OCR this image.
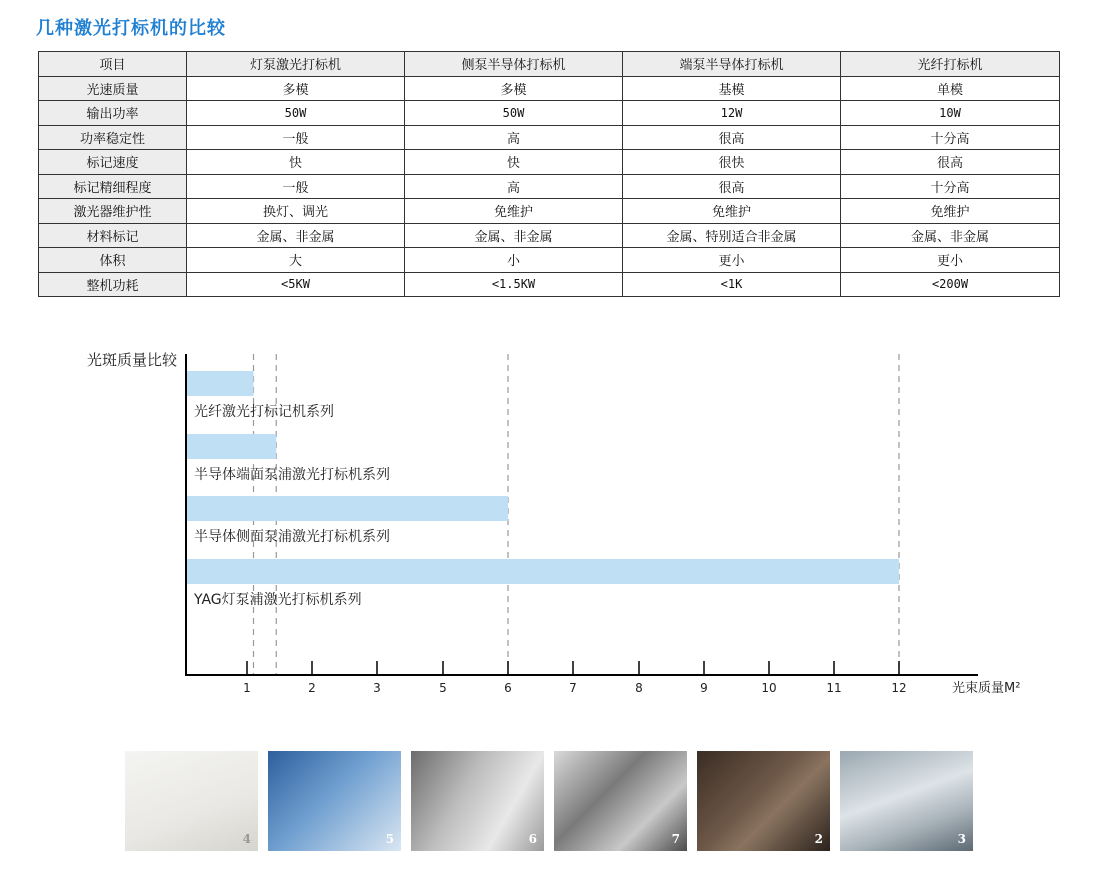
几种激光打标机的比较
项目	灯泵激光打标机	侧泵半导体打标机	端泵半导体打标机	光纤打标机
光速质量	多模	多模	基模	单模
输出功率	50W	50W	12W	10W
功率稳定性	一般	高	很高	十分高
标记速度	快	快	很快	很高
标记精细程度	一般	高	很高	十分高
激光器维护性	换灯、调光	免维护	免维护	免维护
材料标记	金属、非金属	金属、非金属	金属、特别适合非金属	金属、非金属
体积	大	小	更小	更小
整机功耗	<5KW	<1.5KW	<1K	<200W
光纤激光打标记机系列
半导体端面泵浦激光打标机系列
半导体侧面泵浦激光打标机系列
YAG灯泵浦激光打标机系列
1	2	3	5	6	7	8	9	10	11	12
光斑质量比较
光束质量M²
4	5	6	7	2	3
